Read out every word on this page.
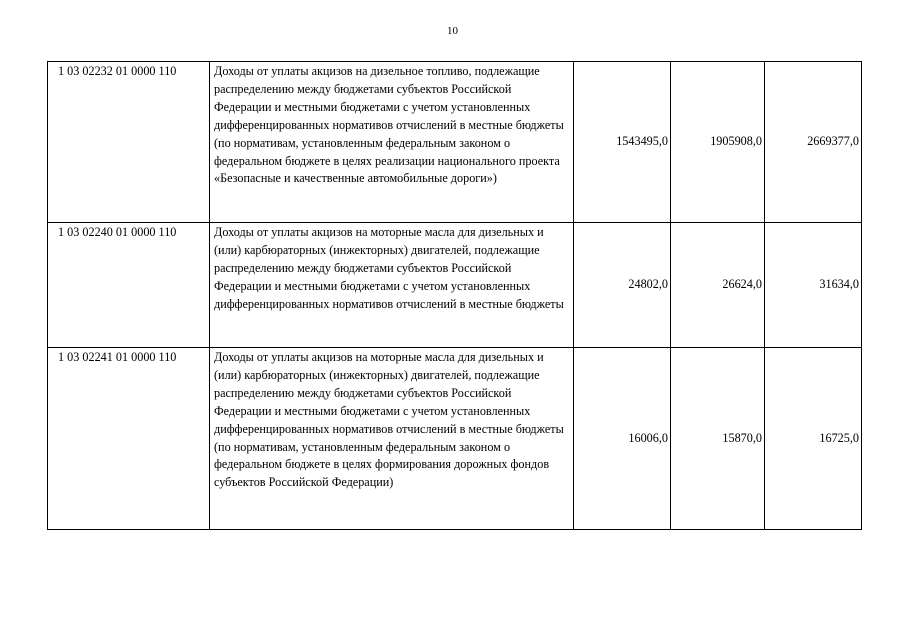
10
1 03 02232 01 0000 110	Доходы от уплаты акцизов на дизельное топливо, подлежащие распределению между бюджетами субъектов Российской Федерации и местными бюджетами с учетом установленных дифференцированных нормативов отчислений в местные бюджеты (по нормативам, установленным федеральным законом о федеральном бюджете в целях реализации национального проекта «Безопасные и качественные автомобильные дороги»)	1543495,0	1905908,0	2669377,0
1 03 02240 01 0000 110	Доходы от уплаты акцизов на моторные масла для дизельных и (или) карбюраторных (инжекторных) двигателей, подлежащие распределению между бюджетами субъектов Российской Федерации и местными бюджетами с учетом установленных дифференцированных нормативов отчислений в местные бюджеты	24802,0	26624,0	31634,0
1 03 02241 01 0000 110	Доходы от уплаты акцизов на моторные масла для дизельных и (или) карбюраторных (инжекторных) двигателей, подлежащие распределению между бюджетами субъектов Российской Федерации и местными бюджетами с учетом установленных дифференцированных нормативов отчислений в местные бюджеты (по нормативам, установленным федеральным законом о федеральном бюджете в целях формирования дорожных фондов субъектов Российской Федерации)	16006,0	15870,0	16725,0
